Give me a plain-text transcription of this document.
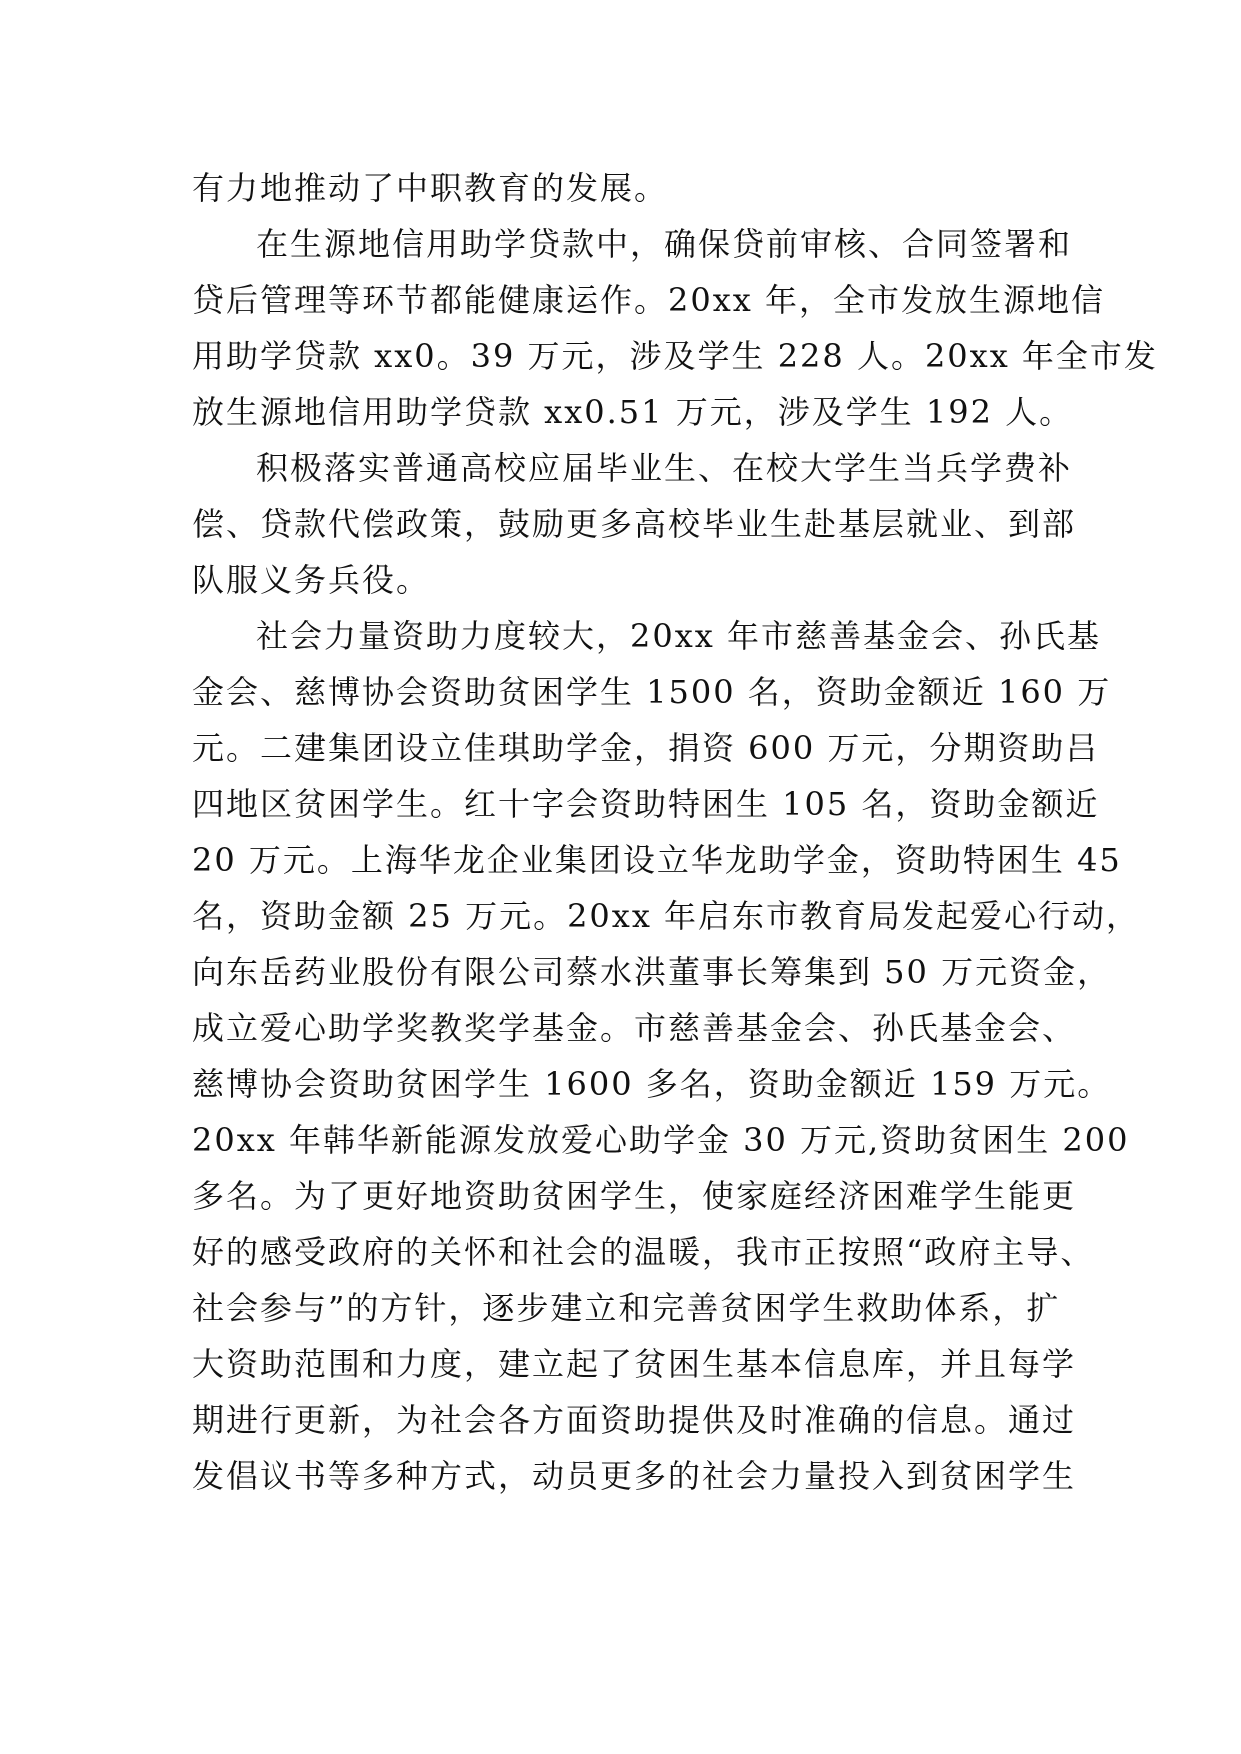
有力地推动了中职教育的发展。
在生源地信用助学贷款中，确保贷前审核、合同签署和
贷后管理等环节都能健康运作。20xx 年，全市发放生源地信
用助学贷款 xx0。39 万元，涉及学生 228 人。20xx 年全市发
放生源地信用助学贷款 xx0.51 万元，涉及学生 192 人。
积极落实普通高校应届毕业生、在校大学生当兵学费补
偿、贷款代偿政策，鼓励更多高校毕业生赴基层就业、到部
队服义务兵役。
社会力量资助力度较大，20xx 年市慈善基金会、孙氏基
金会、慈博协会资助贫困学生 1500 名，资助金额近 160 万
元。二建集团设立佳琪助学金，捐资 600 万元，分期资助吕
四地区贫困学生。红十字会资助特困生 105 名，资助金额近
20 万元。上海华龙企业集团设立华龙助学金，资助特困生 45
名，资助金额 25 万元。20xx 年启东市教育局发起爱心行动，
向东岳药业股份有限公司蔡水洪董事长筹集到 50 万元资金，
成立爱心助学奖教奖学基金。市慈善基金会、孙氏基金会、
慈博协会资助贫困学生 1600 多名，资助金额近 159 万元。
20xx 年韩华新能源发放爱心助学金 30 万元,资助贫困生 200
多名。为了更好地资助贫困学生，使家庭经济困难学生能更
好的感受政府的关怀和社会的温暖，我市正按照“政府主导、
社会参与”的方针，逐步建立和完善贫困学生救助体系，扩
大资助范围和力度，建立起了贫困生基本信息库，并且每学
期进行更新，为社会各方面资助提供及时准确的信息。通过
发倡议书等多种方式，动员更多的社会力量投入到贫困学生
